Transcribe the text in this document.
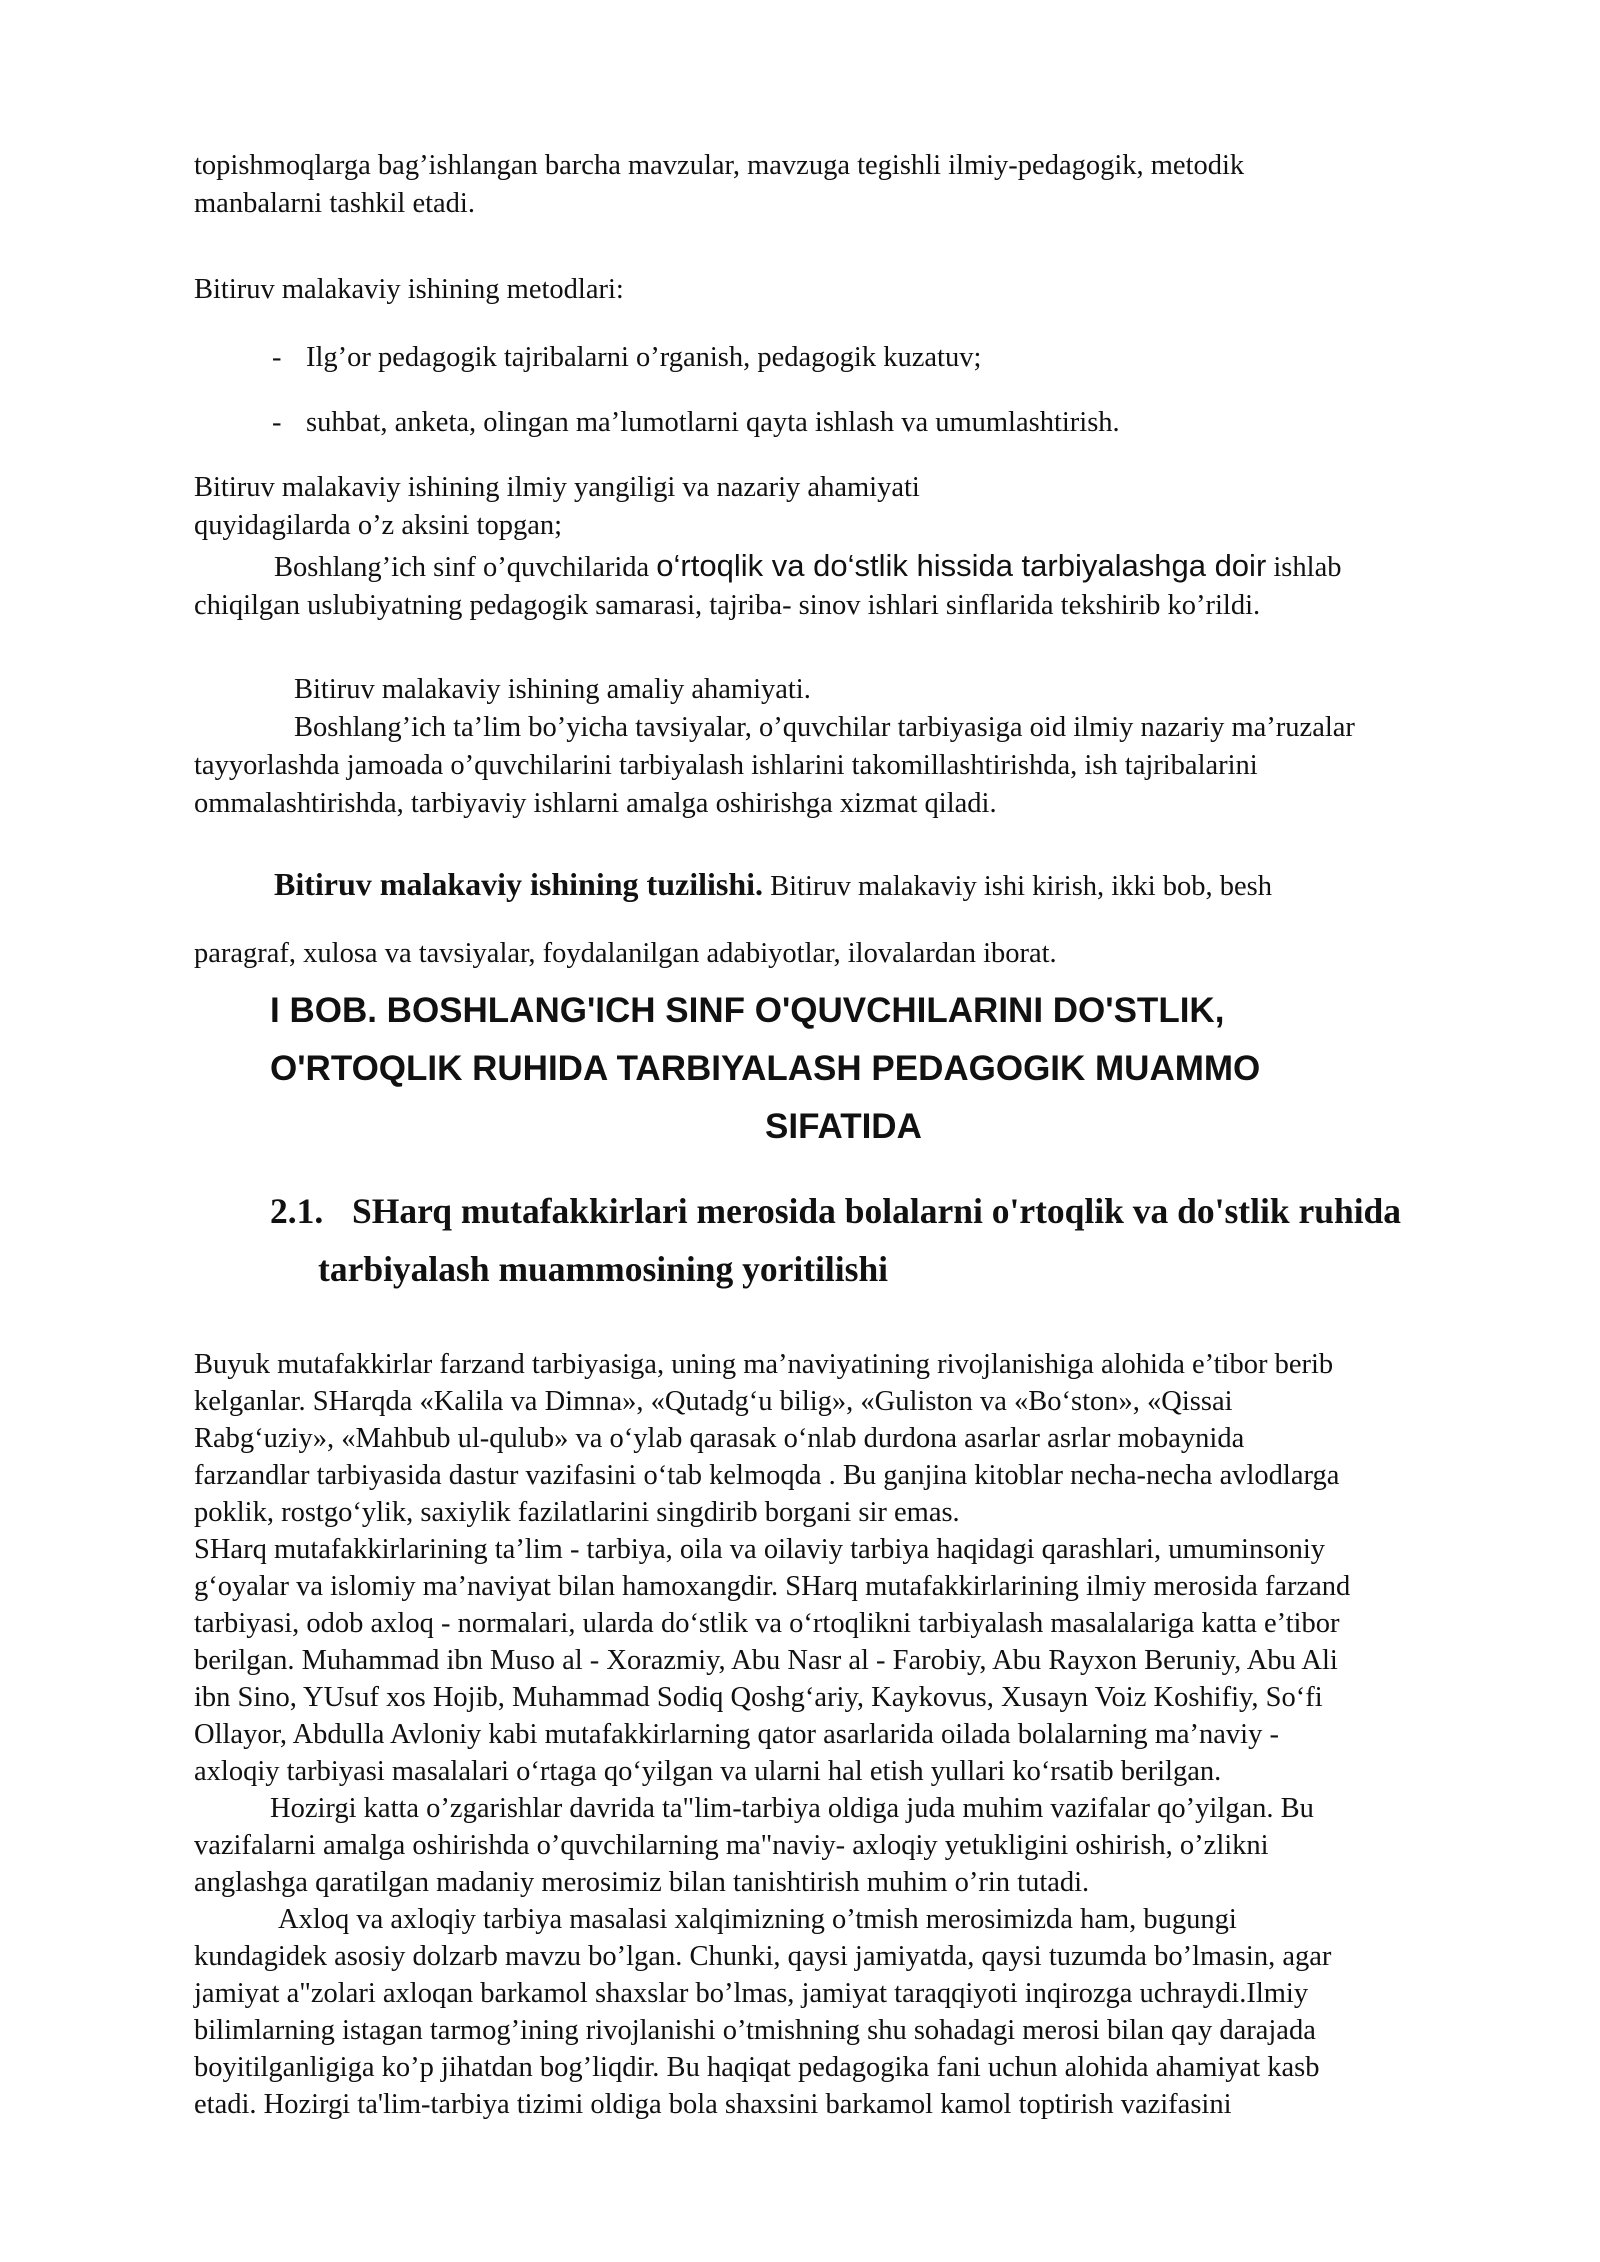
topishmoqlarga bag’ishlangan barcha mavzular, mavzuga tegishli ilmiy-pedagogik, metodik

manbalarni tashkil etadi.

Bitiruv malakaviy ishining metodlari:

- Ilg’or pedagogik tajribalarni o’rganish, pedagogik kuzatuv;

- suhbat, anketa, olingan ma’lumotlarni qayta ishlash va umumlashtirish.

Bitiruv malakaviy ishining ilmiy yangiligi va nazariy ahamiyati

quyidagilarda o’z aksini topgan;

Boshlang’ich sinf o’quvchilarida o‘rtoqlik va do‘stlik hissida tarbiyalashga doir ishlab

chiqilgan uslubiyatning pedagogik samarasi, tajriba- sinov ishlari sinflarida tekshirib ko’rildi.

Bitiruv malakaviy ishining amaliy ahamiyati.

Boshlang’ich ta’lim bo’yicha tavsiyalar, o’quvchilar tarbiyasiga oid ilmiy nazariy ma’ruzalar

tayyorlashda jamoada o’quvchilarini tarbiyalash ishlarini takomillashtirishda, ish tajribalarini

ommalashtirishda, tarbiyaviy ishlarni amalga oshirishga xizmat qiladi.

Bitiruv malakaviy ishining tuzilishi. Bitiruv malakaviy ishi kirish, ikki bob, besh

paragraf, xulosa va tavsiyalar, foydalanilgan adabiyotlar, ilovalardan iborat.

I BOB. BOSHLANG'ICH SINF O'QUVCHILARINI DO'STLIK,
O'RTOQLIK RUHIDA TARBIYALASH PEDAGOGIK MUAMMO
SIFATIDA
2.1. SHarq mutafakkirlari merosida bolalarni o'rtoqlik va do'stlik ruhida
tarbiyalash muammosining yoritilishi

Buyuk mutafakkirlar farzand tarbiyasiga, uning ma’naviyatining rivojlanishiga alohida e’tibor berib

kelganlar. SHarqda «Kalila va Dimna», «Qutadg‘u bilig», «Guliston va «Bo‘ston», «Qissai

Rabg‘uziy», «Mahbub ul-qulub» va o‘ylab qarasak o‘nlab durdona asarlar asrlar mobaynida

farzandlar tarbiyasida dastur vazifasini o‘tab kelmoqda . Bu ganjina kitoblar necha-necha avlodlarga

poklik, rostgo‘ylik, saxiylik fazilatlarini singdirib borgani sir emas.

SHarq mutafakkirlarining ta’lim - tarbiya, oila va oilaviy tarbiya haqidagi qarashlari, umuminsoniy

g‘oyalar va islomiy ma’naviyat bilan hamoxangdir. SHarq mutafakkirlarining ilmiy merosida farzand

tarbiyasi, odob axloq - normalari, ularda do‘stlik va o‘rtoqlikni tarbiyalash masalalariga katta e’tibor

berilgan. Muhammad ibn Muso al - Xorazmiy, Abu Nasr al - Farobiy, Abu Rayxon Beruniy, Abu Ali

ibn Sino, YUsuf xos Hojib, Muhammad Sodiq Qoshg‘ariy, Kaykovus, Xusayn Voiz Koshifiy, So‘fi

Ollayor, Abdulla Avloniy kabi mutafakkirlarning qator asarlarida oilada bolalarning ma’naviy -

axloqiy tarbiyasi masalalari o‘rtaga qo‘yilgan va ularni hal etish yullari ko‘rsatib berilgan.

Hozirgi katta o’zgarishlar davrida ta"lim-tarbiya oldiga juda muhim vazifalar qo’yilgan. Bu

vazifalarni amalga oshirishda o’quvchilarning ma"naviy- axloqiy yetukligini oshirish, o’zlikni

anglashga qaratilgan madaniy merosimiz bilan tanishtirish muhim o’rin tutadi.

Axloq va axloqiy tarbiya masalasi xalqimizning o’tmish merosimizda ham, bugungi

kundagidek asosiy dolzarb mavzu bo’lgan. Chunki, qaysi jamiyatda, qaysi tuzumda bo’lmasin, agar

jamiyat a"zolari axloqan barkamol shaxslar bo’lmas, jamiyat taraqqiyoti inqirozga uchraydi.Ilmiy

bilimlarning istagan tarmog’ining rivojlanishi o’tmishning shu sohadagi merosi bilan qay darajada

boyitilganligiga ko’p jihatdan bog’liqdir. Bu haqiqat pedagogika fani uchun alohida ahamiyat kasb

etadi. Hozirgi ta'lim-tarbiya tizimi oldiga bola shaxsini barkamol kamol toptirish vazifasini
